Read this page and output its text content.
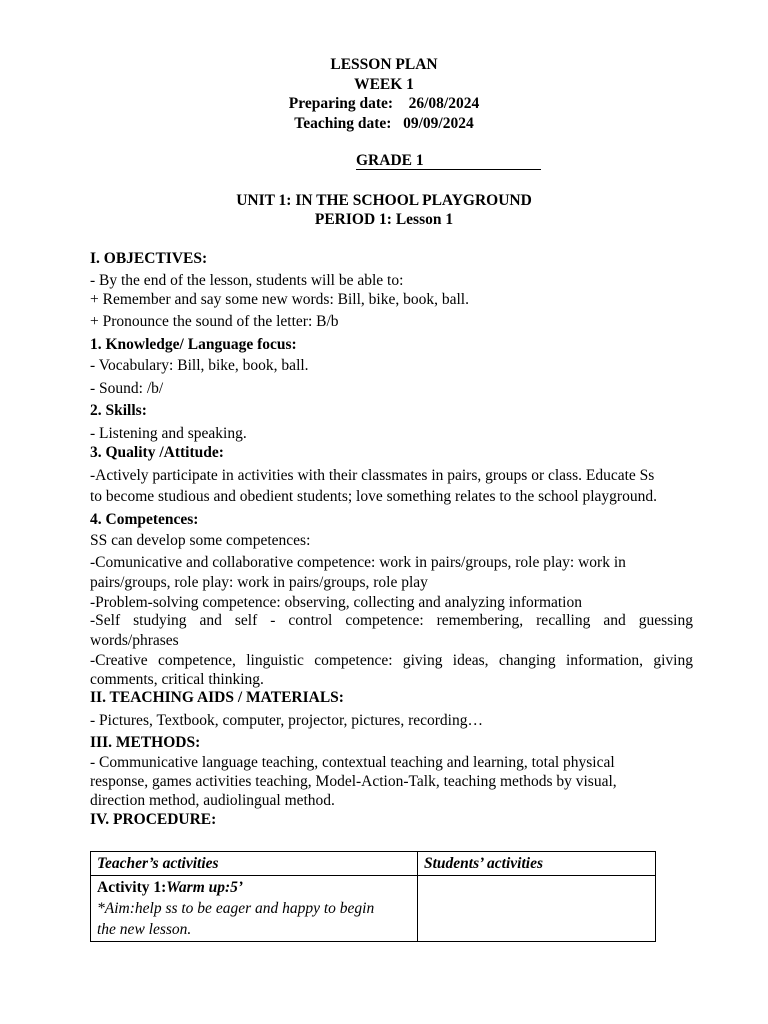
LESSON PLAN
WEEK 1
Preparing date: 26/08/2024
Teaching date: 09/09/2024
GRADE 1
UNIT 1: IN THE SCHOOL PLAYGROUND
PERIOD 1: Lesson 1
I. OBJECTIVES:
- By the end of the lesson, students will be able to:
+ Remember and say some new words: Bill, bike, book, ball.
+ Pronounce the sound of the letter: B/b
1. Knowledge/ Language focus:
- Vocabulary: Bill, bike, book, ball.
- Sound: /b/
2. Skills:
- Listening and speaking.
3. Quality /Attitude:
-Actively participate in activities with their classmates in pairs, groups or class. Educate Ss
to become studious and obedient students; love something relates to the school playground.
4. Competences:
SS can develop some competences:
-Comunicative and collaborative competence: work in pairs/groups, role play: work in
pairs/groups, role play: work in pairs/groups, role play
-Problem-solving competence: observing, collecting and analyzing information
-Self studying and self - control competence: remembering, recalling and guessing
words/phrases
-Creative competence, linguistic competence: giving ideas, changing information, giving
comments, critical thinking.
II. TEACHING AIDS / MATERIALS:
- Pictures, Textbook, computer, projector, pictures, recording…
III. METHODS:
- Communicative language teaching, contextual teaching and learning, total physical
response, games activities teaching, Model-Action-Talk, teaching methods by visual,
direction method, audiolingual method.
IV. PROCEDURE:
Teacher’s activities	Students’ activities

Activity 1:Warm up:5’
*Aim:help ss to be eager and happy to begin
the new lesson.	
